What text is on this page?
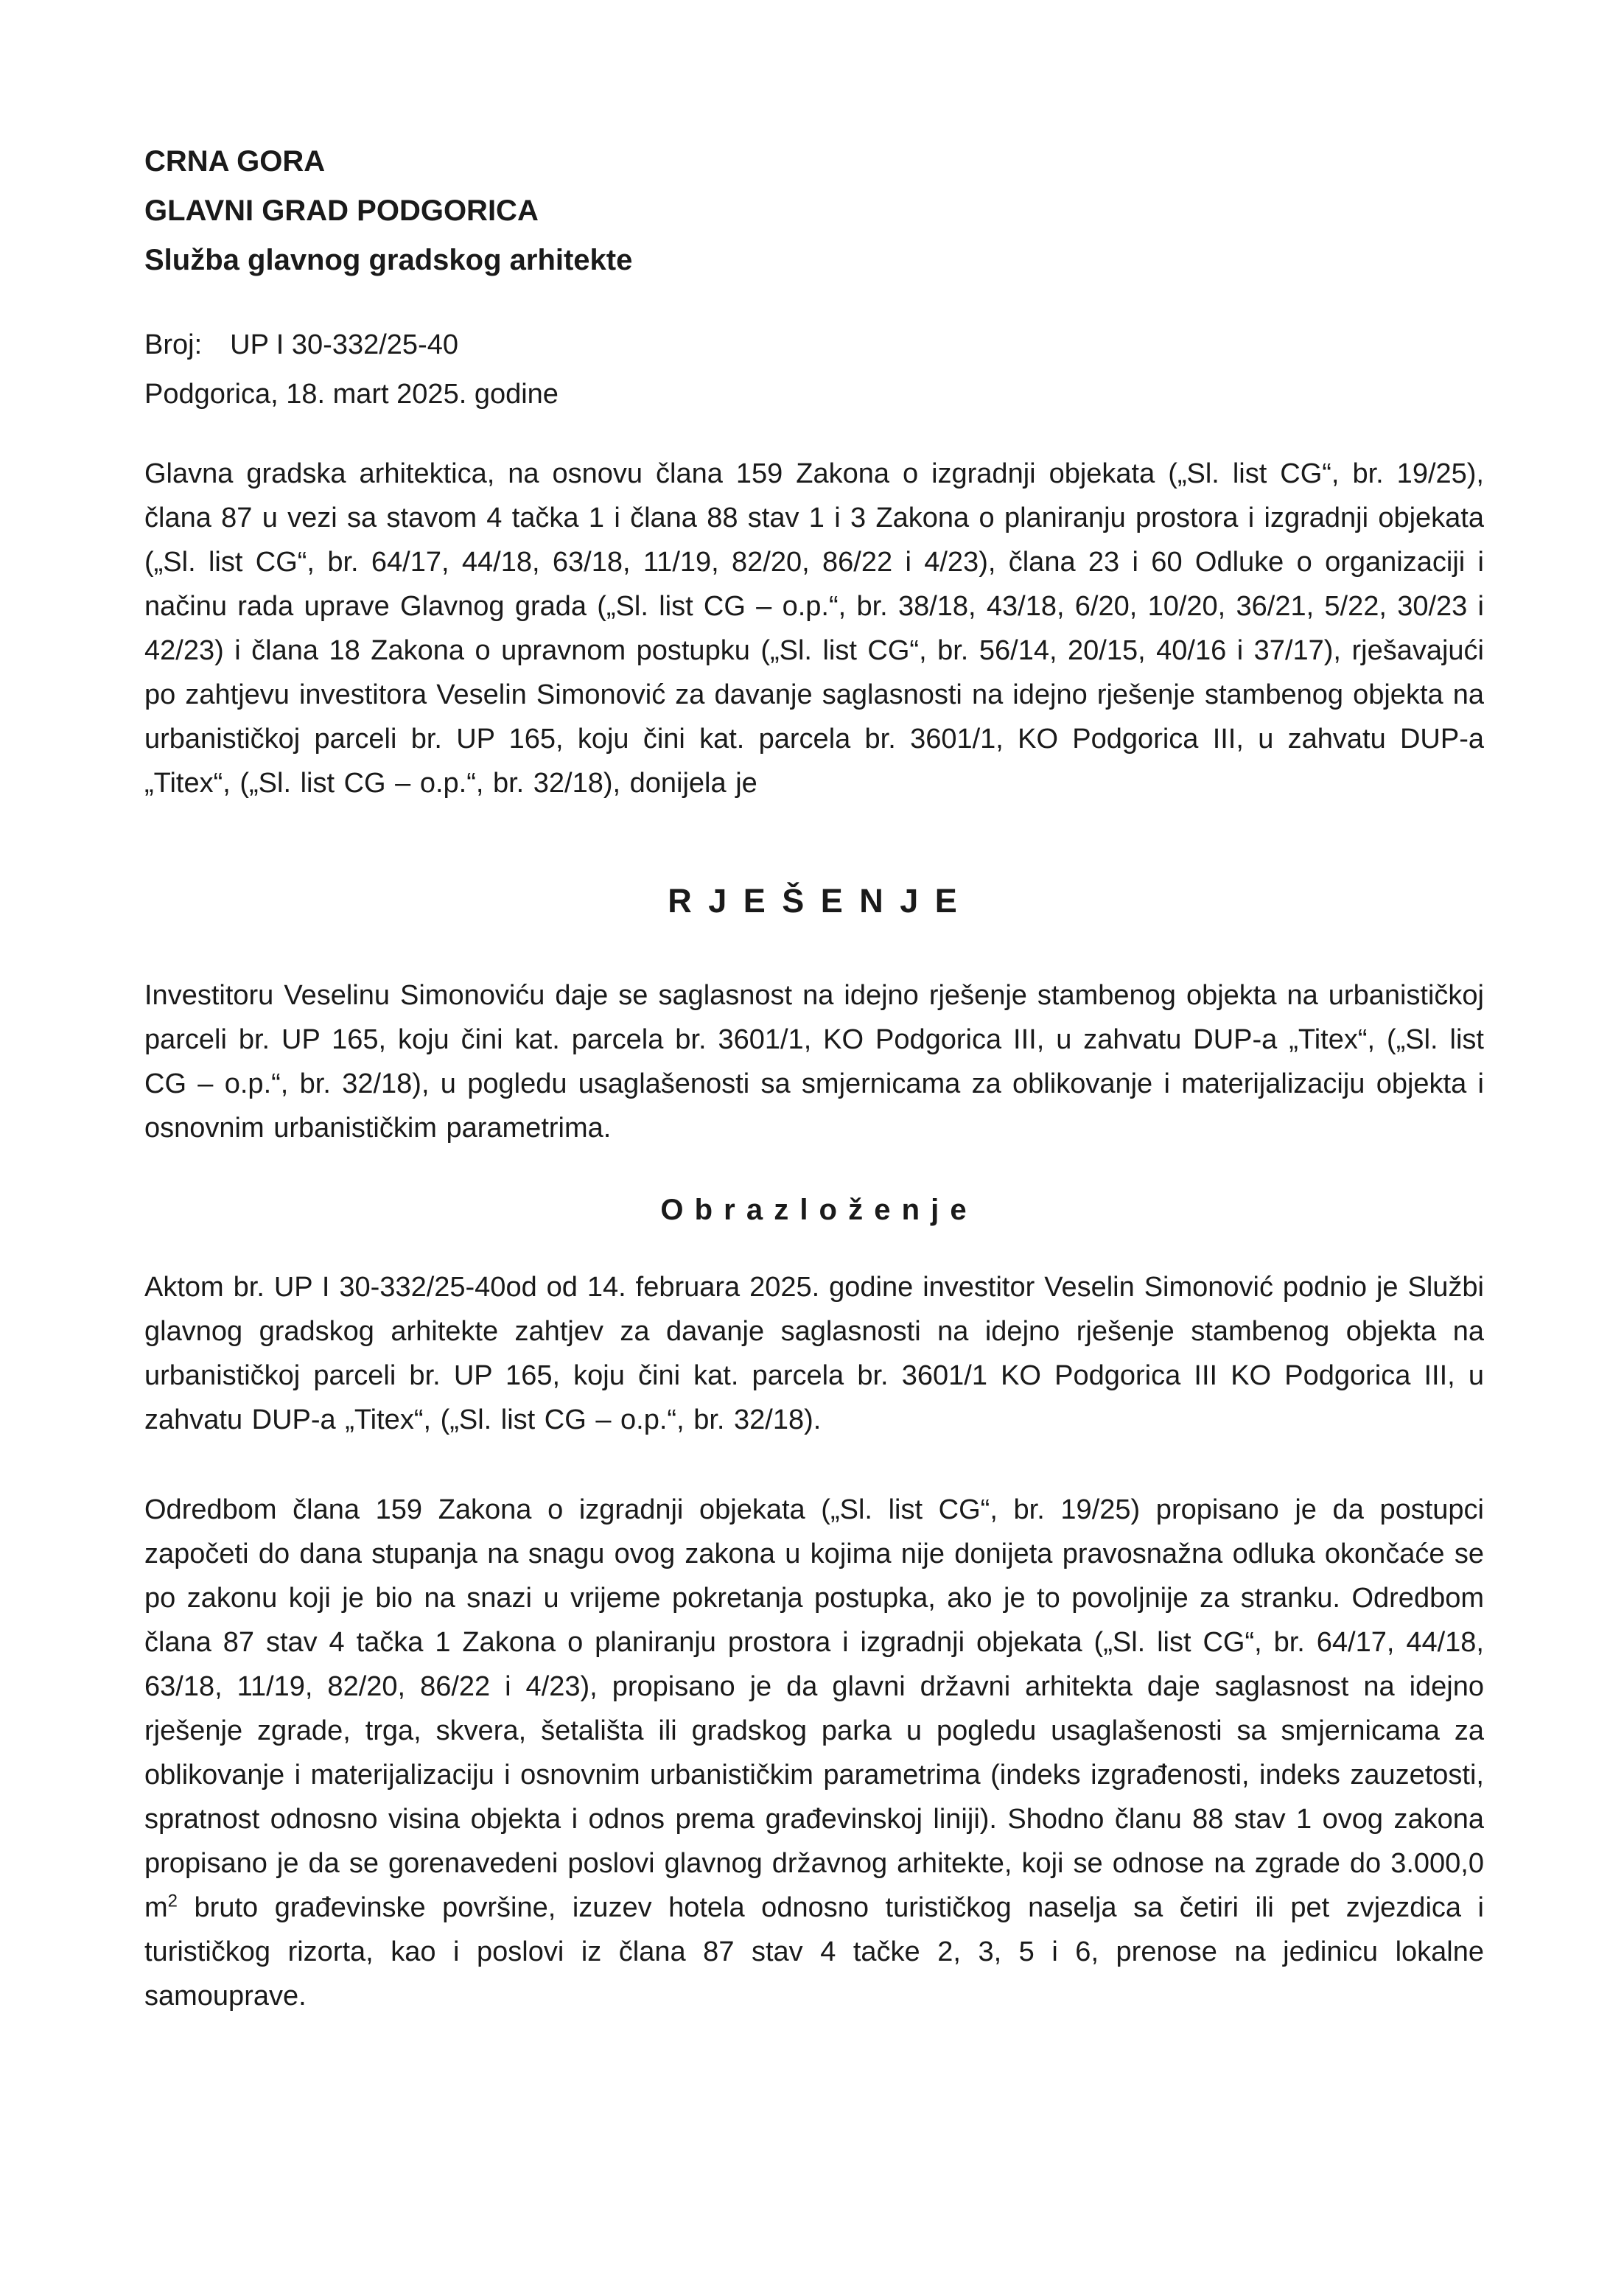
CRNA GORA
GLAVNI GRAD PODGORICA
Služba glavnog gradskog arhitekte
Broj: UP I 30-332/25-40
Podgorica, 18. mart 2025. godine

Glavna gradska arhitektica, na osnovu člana 159 Zakona o izgradnji objekata („Sl. list CG“, br. 19/25), člana 87 u vezi sa stavom 4 tačka 1 i člana 88 stav 1 i 3 Zakona o planiranju prostora i izgradnji objekata („Sl. list CG“, br. 64/17, 44/18, 63/18, 11/19, 82/20, 86/22 i 4/23), člana 23 i 60 Odluke o organizaciji i načinu rada uprave Glavnog grada („Sl. list CG – o.p.“, br. 38/18, 43/18, 6/20, 10/20, 36/21, 5/22, 30/23 i 42/23) i člana 18 Zakona o upravnom postupku („Sl. list CG“, br. 56/14, 20/15, 40/16 i 37/17), rješavajući po zahtjevu investitora Veselin Simonović za davanje saglasnosti na idejno rješenje stambenog objekta na urbanističkoj parceli br. UP 165, koju čini kat. parcela br. 3601/1, KO Podgorica III, u zahvatu DUP-a „Titex“, („Sl. list CG – o.p.“, br. 32/18), donijela je

R J E Š E N J E

Investitoru Veselinu Simonoviću daje se saglasnost na idejno rješenje stambenog objekta na urbanističkoj parceli br. UP 165, koju čini kat. parcela br. 3601/1, KO Podgorica III, u zahvatu DUP-a „Titex“, („Sl. list CG – o.p.“, br. 32/18), u pogledu usaglašenosti sa smjernicama za oblikovanje i materijalizaciju objekta i osnovnim urbanističkim parametrima.

O b r a z l o ž e n j e

Aktom br. UP I 30-332/25-40od od 14. februara 2025. godine investitor Veselin Simonović podnio je Službi glavnog gradskog arhitekte zahtjev za davanje saglasnosti na idejno rješenje stambenog objekta na urbanističkoj parceli br. UP 165, koju čini kat. parcela br. 3601/1 KO Podgorica III KO Podgorica III, u zahvatu DUP-a „Titex“, („Sl. list CG – o.p.“, br. 32/18).

Odredbom člana 159 Zakona o izgradnji objekata („Sl. list CG“, br. 19/25) propisano je da postupci započeti do dana stupanja na snagu ovog zakona u kojima nije donijeta pravosnažna odluka okončaće se po zakonu koji je bio na snazi u vrijeme pokretanja postupka, ako je to povoljnije za stranku. Odredbom člana 87 stav 4 tačka 1 Zakona o planiranju prostora i izgradnji objekata („Sl. list CG“, br. 64/17, 44/18, 63/18, 11/19, 82/20, 86/22 i 4/23), propisano je da glavni državni arhitekta daje saglasnost na idejno rješenje zgrade, trga, skvera, šetališta ili gradskog parka u pogledu usaglašenosti sa smjernicama za oblikovanje i materijalizaciju i osnovnim urbanističkim parametrima (indeks izgrađenosti, indeks zauzetosti, spratnost odnosno visina objekta i odnos prema građevinskoj liniji). Shodno članu 88 stav 1 ovog zakona propisano je da se gorenavedeni poslovi glavnog državnog arhitekte, koji se odnose na zgrade do 3.000,0 $m^2$ bruto građevinske površine, izuzev hotela odnosno turističkog naselja sa četiri ili pet zvjezdica i turističkog rizorta, kao i poslovi iz člana 87 stav 4 tačke 2, 3, 5 i 6, prenose na jedinicu lokalne samouprave.
